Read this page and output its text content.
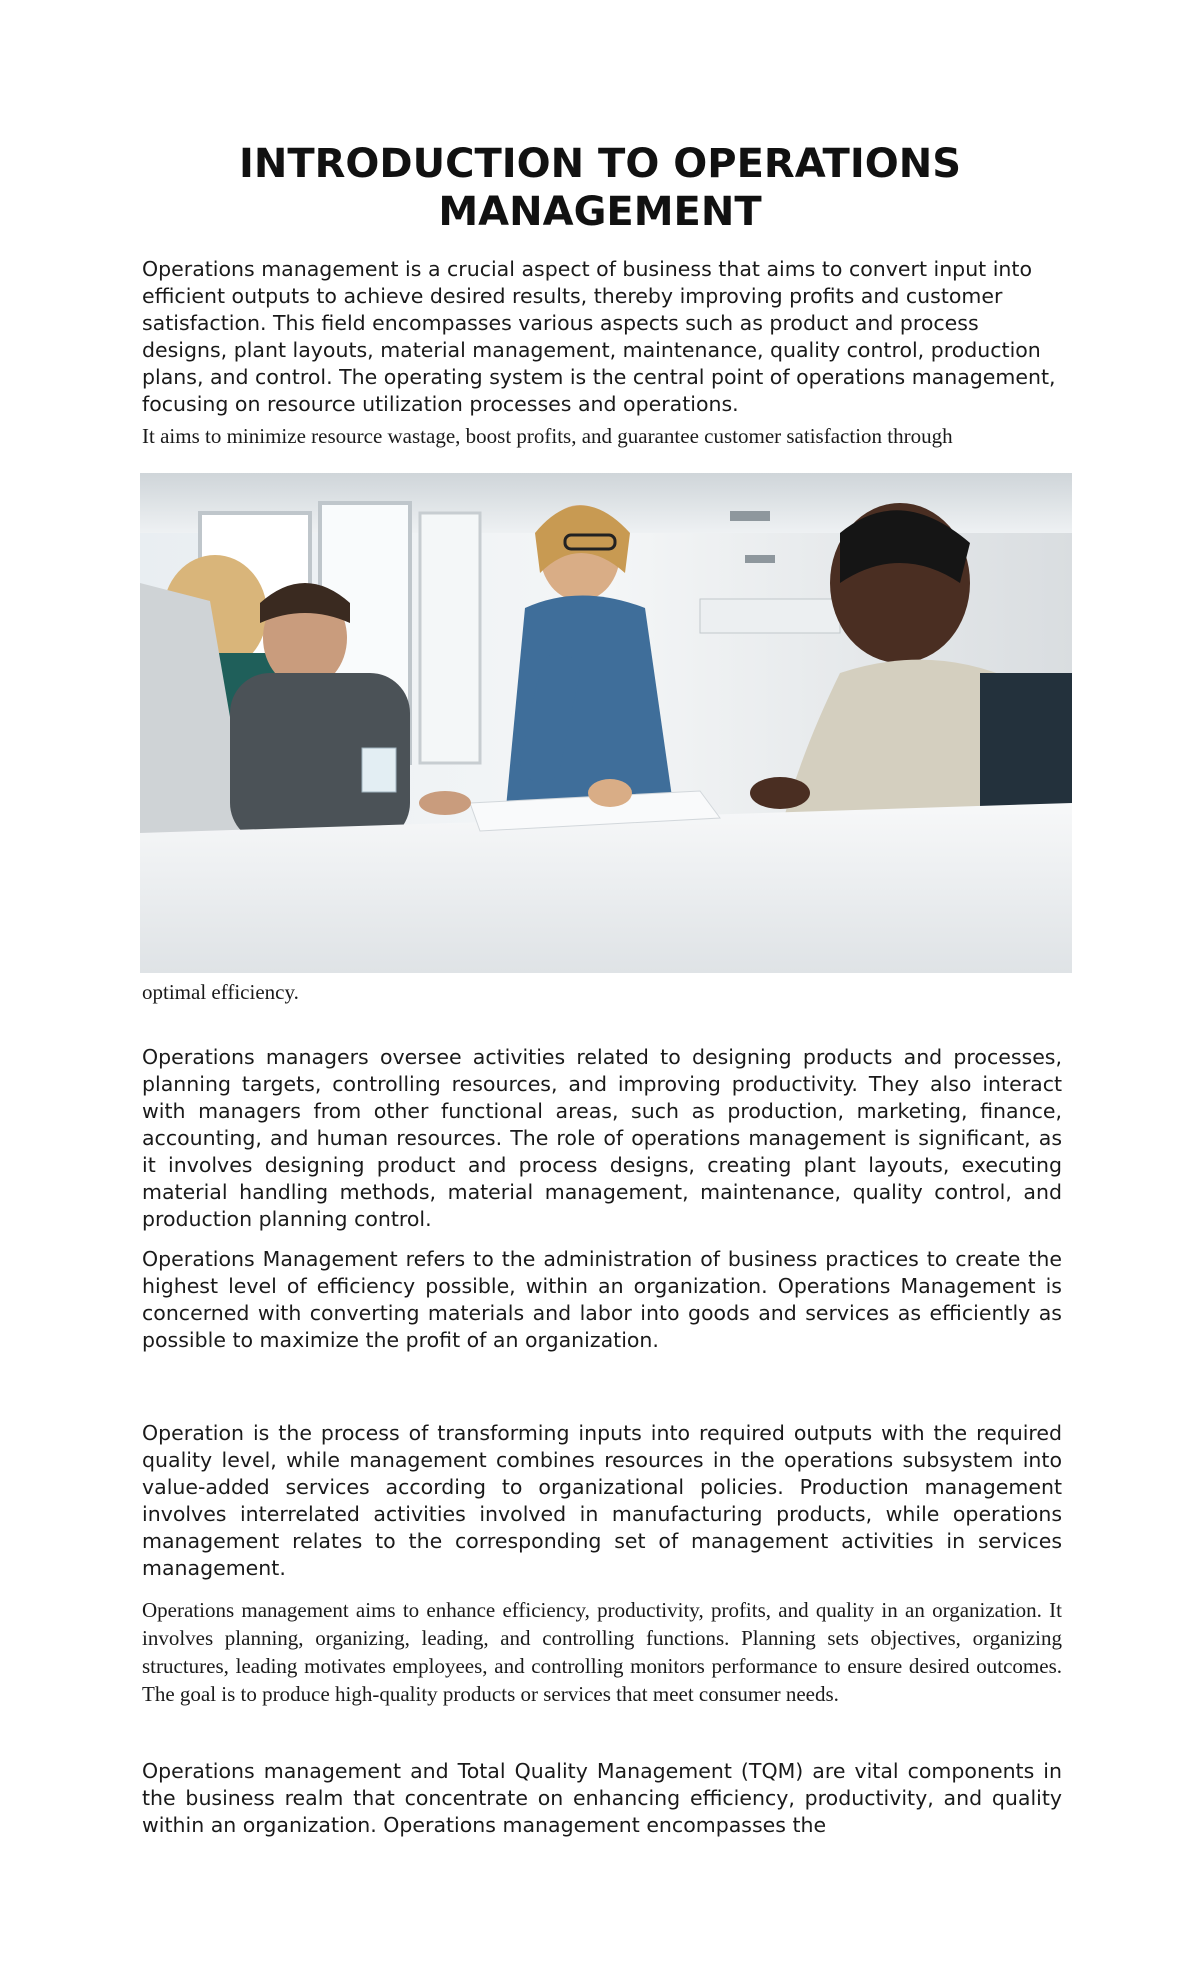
INTRODUCTION TO OPERATIONS MANAGEMENT

Operations management is a crucial aspect of business that aims to convert input into efficient outputs to achieve desired results, thereby improving profits and customer satisfaction. This field encompasses various aspects such as product and process designs, plant layouts, material management, maintenance, quality control, production plans, and control. The operating system is the central point of operations management, focusing on resource utilization processes and operations.

It aims to minimize resource wastage, boost profits, and guarantee customer satisfaction through

optimal efficiency.

Operations managers oversee activities related to designing products and processes, planning targets, controlling resources, and improving productivity. They also interact with managers from other functional areas, such as production, marketing, finance, accounting, and human resources. The role of operations management is significant, as it involves designing product and process designs, creating plant layouts, executing material handling methods, material management, maintenance, quality control, and production planning control.

Operations Management refers to the administration of business practices to create the highest level of efficiency possible, within an organization. Operations Management is concerned with converting materials and labor into goods and services as efficiently as possible to maximize the profit of an organization.

Operation is the process of transforming inputs into required outputs with the required quality level, while management combines resources in the operations subsystem into value-added services according to organizational policies. Production management involves interrelated activities involved in manufacturing products, while operations management relates to the corresponding set of management activities in services management.

Operations management aims to enhance efficiency, productivity, profits, and quality in an organization. It involves planning, organizing, leading, and controlling functions. Planning sets objectives, organizing structures, leading motivates employees, and controlling monitors performance to ensure desired outcomes. The goal is to produce high-quality products or services that meet consumer needs.

Operations management and Total Quality Management (TQM) are vital components in the business realm that concentrate on enhancing efficiency, productivity, and quality within an organization. Operations management encompasses the
